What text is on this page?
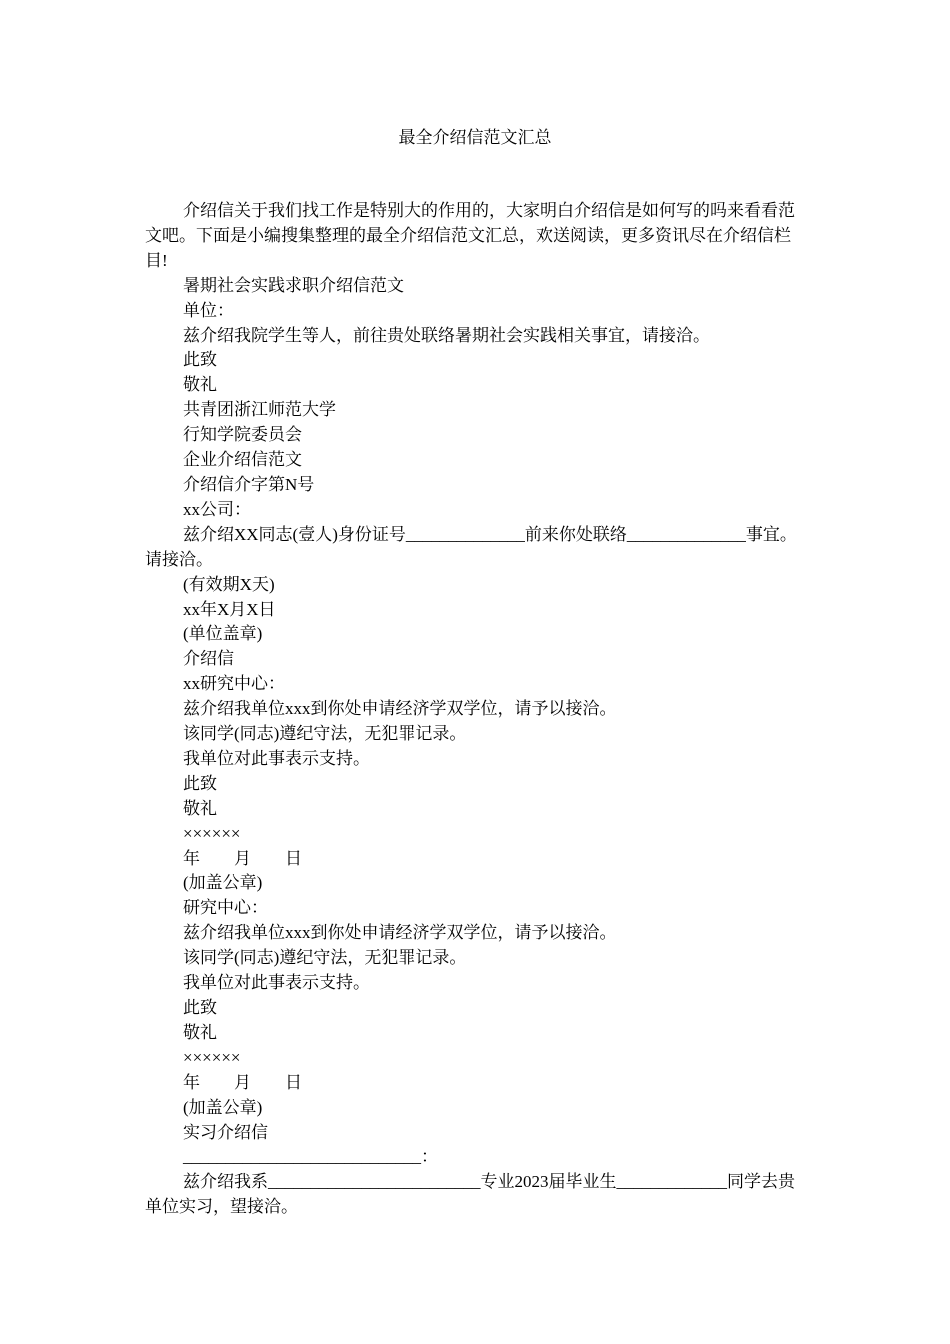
最全介绍信范文汇总

介绍信关于我们找工作是特别大的作用的，大家明白介绍信是如何写的吗来看看范文吧。下面是小编搜集整理的最全介绍信范文汇总，欢送阅读，更多资讯尽在介绍信栏目!

暑期社会实践求职介绍信范文

单位：

兹介绍我院学生等人，前往贵处联络暑期社会实践相关事宜，请接洽。

此致

敬礼

共青团浙江师范大学

行知学院委员会

企业介绍信范文

介绍信介字第N号

xx公司：

兹介绍XX同志(壹人)身份证号______________前来你处联络______________事宜。请接洽。

(有效期X天)

xx年X月X日

(单位盖章)

介绍信

xx研究中心：

兹介绍我单位xxx到你处申请经济学双学位，请予以接洽。

该同学(同志)遵纪守法，无犯罪记录。

我单位对此事表示支持。

此致

敬礼

××××××

年　　月　　日

(加盖公章)

研究中心：

兹介绍我单位xxx到你处申请经济学双学位，请予以接洽。

该同学(同志)遵纪守法，无犯罪记录。

我单位对此事表示支持。

此致

敬礼

××××××

年　　月　　日

(加盖公章)

实习介绍信

____________________________：

兹介绍我系_________________________专业2023届毕业生_____________同学去贵单位实习，望接洽。
